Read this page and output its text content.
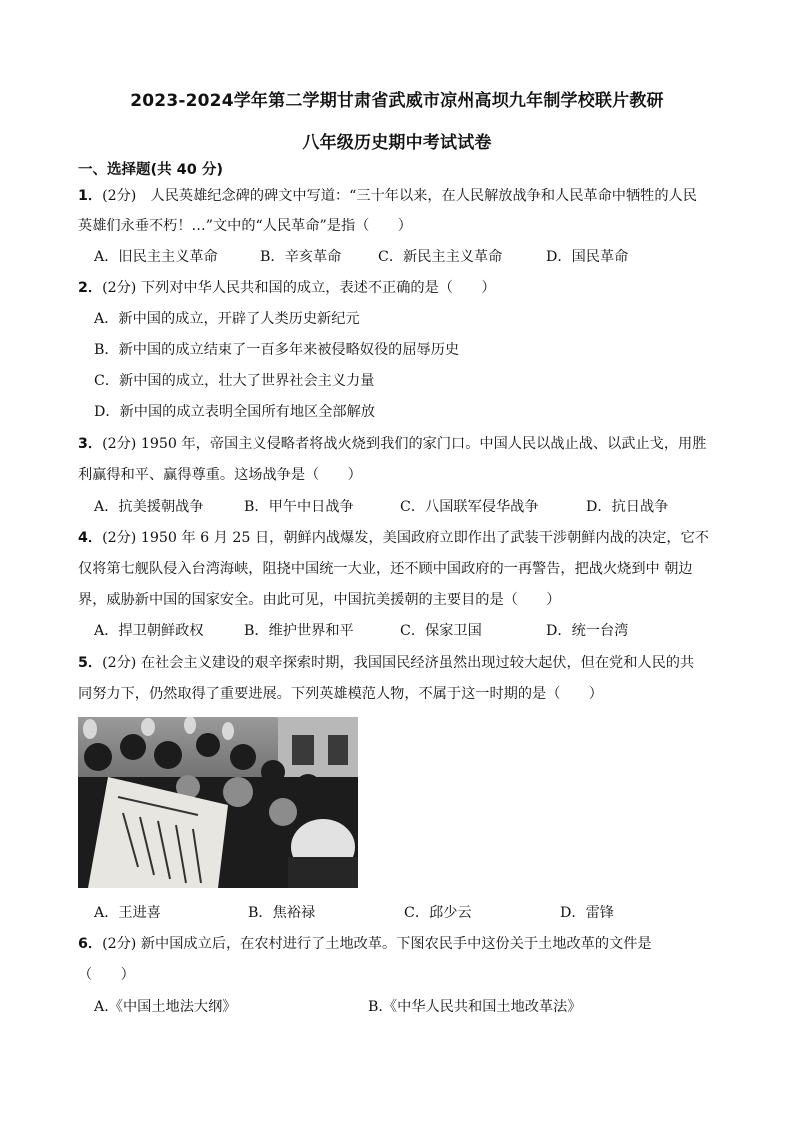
2023-2024学年第二学期甘肃省武威市凉州高坝九年制学校联片教研
八年级历史期中考试试卷
一、选择题(共 40 分)
1．(2分)　人民英雄纪念碑的碑文中写道：“三十年以来，在人民解放战争和人民革命中牺牲的人民
英雄们永垂不朽！…”文中的“人民革命”是指（　　）
A．旧民主主义革命	B．辛亥革命	C．新民主主义革命	D．国民革命
2．(2分) 下列对中华人民共和国的成立，表述不正确的是（　　）
A．新中国的成立，开辟了人类历史新纪元
B．新中国的成立结束了一百多年来被侵略奴役的屈辱历史
C．新中国的成立，壮大了世界社会主义力量
D．新中国的成立表明全国所有地区全部解放
3．(2分) 1950 年，帝国主义侵略者将战火烧到我们的家门口。中国人民以战止战、以武止戈，用胜
利赢得和平、赢得尊重。这场战争是（　　）
A．抗美援朝战争	B．甲午中日战争	C．八国联军侵华战争	D．抗日战争
4．(2分) 1950 年 6 月 25 日，朝鲜内战爆发，美国政府立即作出了武装干涉朝鲜内战的决定，它不
仅将第七舰队侵入台湾海峡，阻挠中国统一大业，还不顾中国政府的一再警告，把战火烧到中 朝边
界，威胁新中国的国家安全。由此可见，中国抗美援朝的主要目的是（　　）
A．捍卫朝鲜政权	B．维护世界和平	C．保家卫国	D．统一台湾
5．(2分) 在社会主义建设的艰辛探索时期，我国国民经济虽然出现过较大起伏，但在党和人民的共
同努力下，仍然取得了重要进展。下列英雄模范人物，不属于这一时期的是（　　）
A．王进喜	B．焦裕禄	C．邱少云	D．雷锋
6．(2分) 新中国成立后，在农村进行了土地改革。下图农民手中这份关于土地改革的文件是
（　　）
A.《中国土地法大纲》	B.《中华人民共和国土地改革法》
